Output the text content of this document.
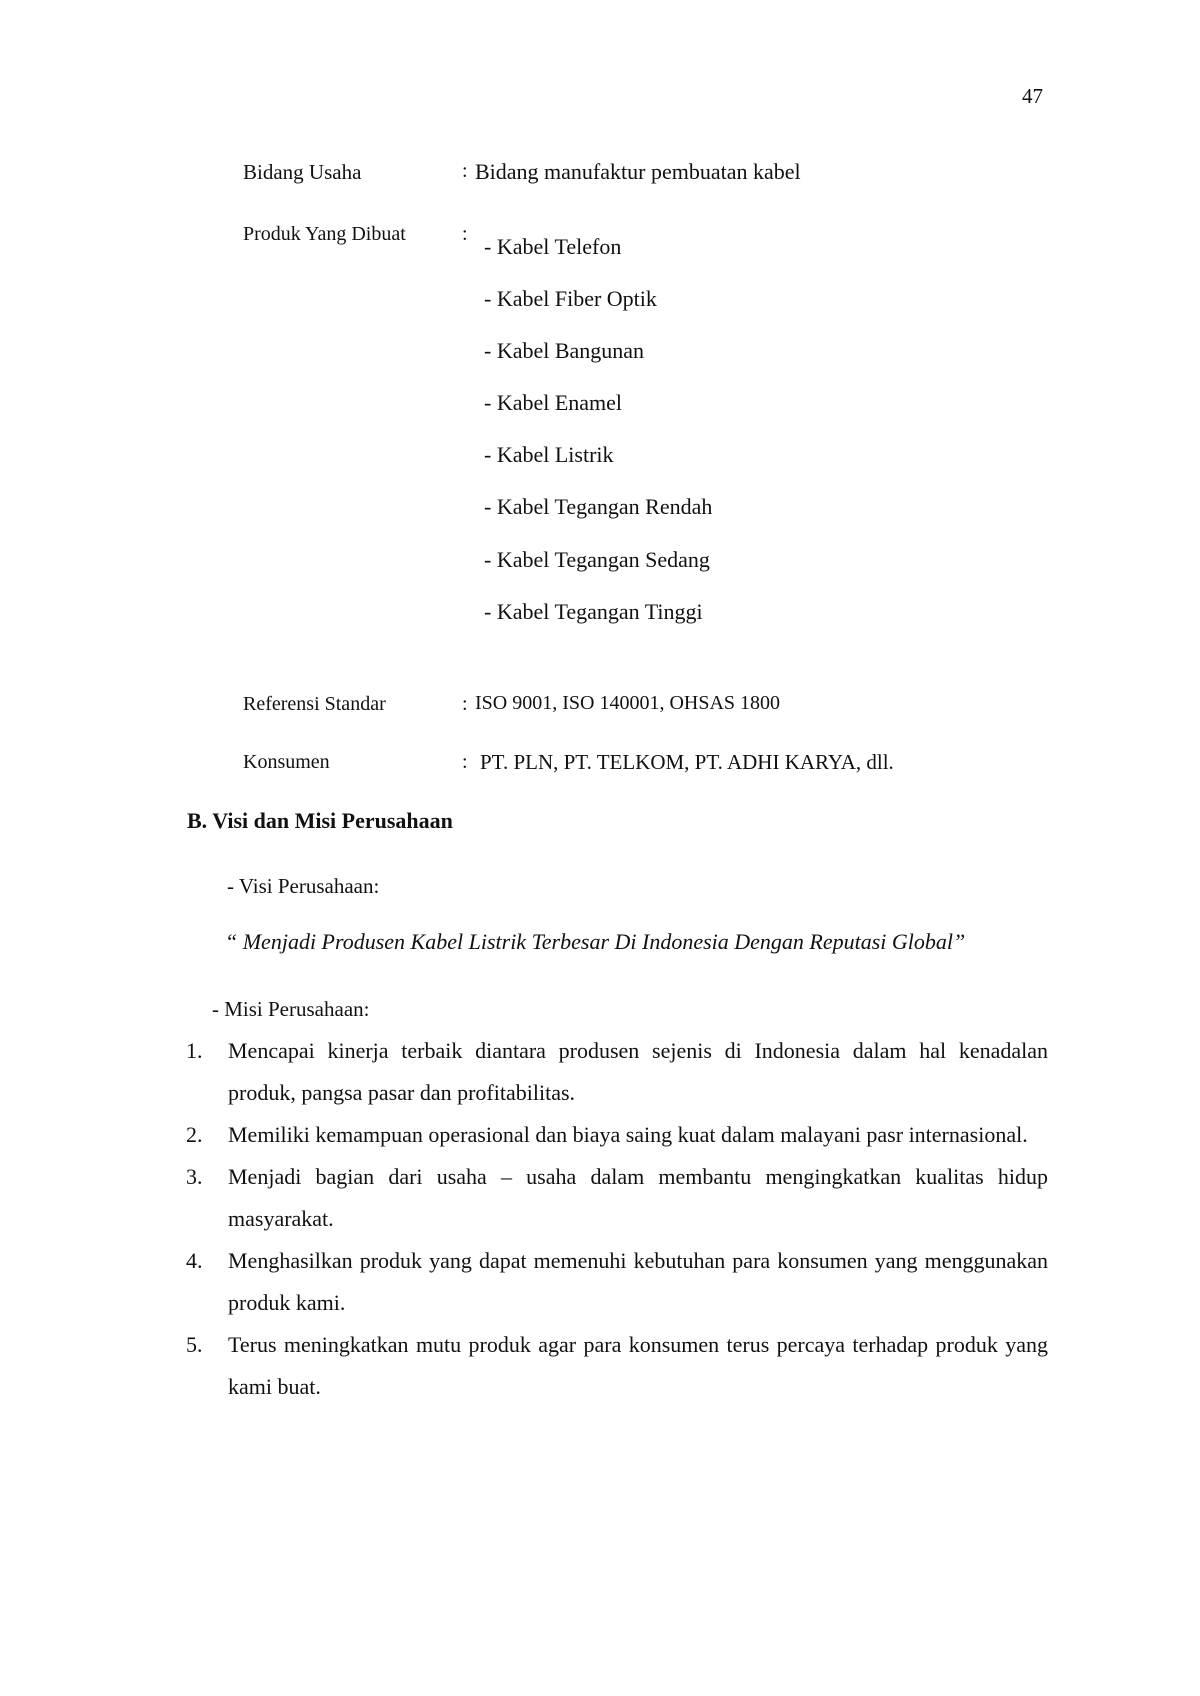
47
Bidang Usaha	: Bidang manufaktur pembuatan kabel
Produk Yang Dibuat	: - Kabel Telefon
- Kabel Fiber Optik
- Kabel Bangunan
- Kabel Enamel
- Kabel Listrik
- Kabel Tegangan Rendah
- Kabel Tegangan Sedang
- Kabel Tegangan Tinggi
Referensi Standar	: ISO 9001, ISO 140001, OHSAS 1800
Konsumen	: PT. PLN, PT. TELKOM, PT. ADHI KARYA, dll.
B. Visi dan Misi Perusahaan
- Visi Perusahaan:
“ Menjadi Produsen Kabel Listrik Terbesar Di Indonesia Dengan Reputasi Global”
- Misi Perusahaan:
1. Mencapai kinerja terbaik diantara produsen sejenis di Indonesia dalam hal kenadalan produk, pangsa pasar dan profitabilitas.
2. Memiliki kemampuan operasional dan biaya saing kuat dalam malayani pasr internasional.
3. Menjadi bagian dari usaha – usaha dalam membantu mengingkatkan kualitas hidup masyarakat.
4. Menghasilkan produk yang dapat memenuhi kebutuhan para konsumen yang menggunakan produk kami.
5. Terus meningkatkan mutu produk agar para konsumen terus percaya terhadap produk yang kami buat.
